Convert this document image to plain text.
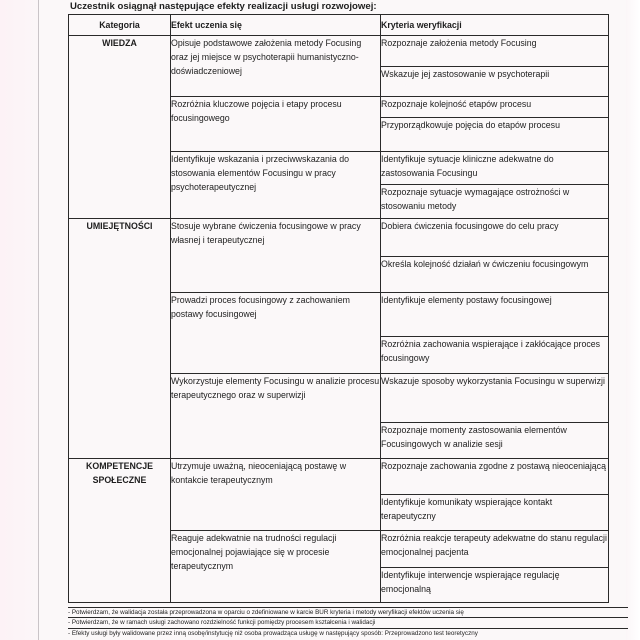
Uczestnik osiągnął następujące efekty realizacji usługi rozwojowej:

Kategoria	Efekt uczenia się	Kryteria weryfikacji
WIEDZA	Opisuje podstawowe założenia metody Focusing oraz jej miejsce w psychoterapii humanistyczno-doświadczeniowej	Rozpoznaje założenia metody Focusing
		Wskazuje jej zastosowanie w psychoterapii
	Rozróżnia kluczowe pojęcia i etapy procesu focusingowego	Rozpoznaje kolejność etapów procesu
		Przyporządkowuje pojęcia do etapów procesu
	Identyfikuje wskazania i przeciwwskazania do stosowania elementów Focusingu w pracy psychoterapeutycznej	Identyfikuje sytuacje kliniczne adekwatne do zastosowania Focusingu
		Rozpoznaje sytuacje wymagające ostrożności w stosowaniu metody
UMIEJĘTNOŚCI	Stosuje wybrane ćwiczenia focusingowe w pracy własnej i terapeutycznej	Dobiera ćwiczenia focusingowe do celu pracy
		Określa kolejność działań w ćwiczeniu focusingowym
	Prowadzi proces focusingowy z zachowaniem postawy focusingowej	Identyfikuje elementy postawy focusingowej
		Rozróżnia zachowania wspierające i zakłócające proces focusingowy
	Wykorzystuje elementy Focusingu w analizie procesu terapeutycznego oraz w superwizji	Wskazuje sposoby wykorzystania Focusingu w superwizji
		Rozpoznaje momenty zastosowania elementów Focusingowych w analizie sesji
KOMPETENCJE SPOŁECZNE	Utrzymuje uważną, nieoceniającą postawę w kontakcie terapeutycznym	Rozpoznaje zachowania zgodne z postawą nieoceniającą
		Identyfikuje komunikaty wspierające kontakt terapeutyczny
	Reaguje adekwatnie na trudności regulacji emocjonalnej pojawiające się w procesie terapeutycznym	Rozróżnia reakcje terapeuty adekwatne do stanu regulacji emocjonalnej pacjenta
		Identyfikuje interwencje wspierające regulację emocjonalną
- Potwierdzam, że walidacja została przeprowadzona w oparciu o zdefiniowane w karcie BUR kryteria i metody weryfikacji efektów uczenia się
- Potwierdzam, że w ramach usługi zachowano rozdzielność funkcji pomiędzy procesem kształcenia i walidacji
- Efekty usługi były walidowane przez inną osobę/instytucję niż osoba prowadząca usługę w następujący sposób: Przeprowadzono test teoretyczny
